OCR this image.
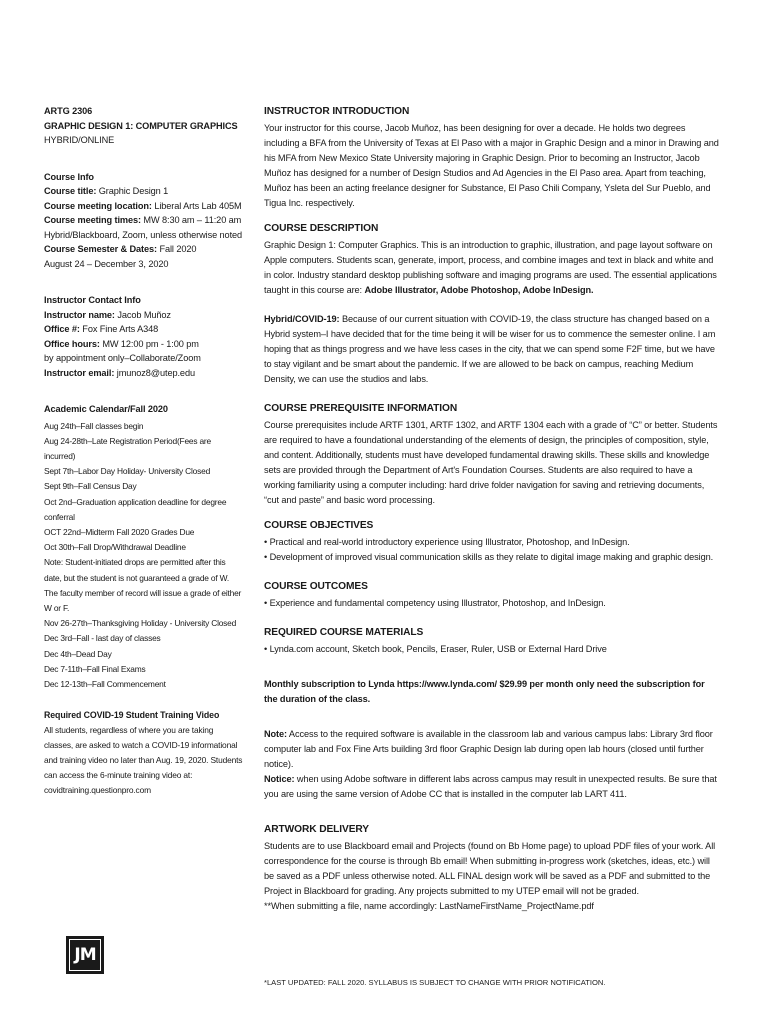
ARTG 2306
GRAPHIC DESIGN 1: COMPUTER GRAPHICS
HYBRID/ONLINE
Course Info
Course title: Graphic Design 1
Course meeting location: Liberal Arts Lab 405M
Course meeting times: MW 8:30 am – 11:20 am
Hybrid/Blackboard, Zoom, unless otherwise noted
Course Semester & Dates: Fall 2020
August 24 – December 3, 2020
Instructor Contact Info
Instructor name: Jacob Muñoz
Office #: Fox Fine Arts A348
Office hours: MW 12:00 pm - 1:00 pm
by appointment only–Collaborate/Zoom
Instructor email: jmunoz8@utep.edu
Academic Calendar/Fall 2020
Aug 24th–Fall classes begin
Aug 24-28th–Late Registration Period(Fees are incurred)
Sept 7th–Labor Day Holiday- University Closed
Sept 9th–Fall Census Day
Oct 2nd–Graduation application deadline for degree conferral
OCT 22nd–Midterm Fall 2020 Grades Due
Oct 30th–Fall Drop/Withdrawal Deadline
Note: Student-initiated drops are permitted after this date, but the student is not guaranteed a grade of W. The faculty member of record will issue a grade of either W or F.
Nov 26-27th–Thanksgiving Holiday - University Closed
Dec 3rd–Fall - last day of classes
Dec 4th–Dead Day
Dec 7-11th–Fall Final Exams
Dec 12-13th–Fall Commencement
Required COVID-19 Student Training Video
All students, regardless of where you are taking classes, are asked to watch a COVID-19 informational and training video no later than Aug. 19, 2020. Students can access the 6-minute training video at:
covidtraining.questionpro.com
INSTRUCTOR INTRODUCTION
Your instructor for this course, Jacob Muñoz, has been designing for over a decade. He holds two degrees including a BFA from the University of Texas at El Paso with a major in Graphic Design and a minor in Drawing and his MFA from New Mexico State University majoring in Graphic Design. Prior to becoming an Instructor, Jacob Muñoz has designed for a number of Design Studios and Ad Agencies in the El Paso area. Apart from teaching, Muñoz has been an acting freelance designer for Substance, El Paso Chili Company, Ysleta del Sur Pueblo, and Tigua Inc. respectively.
COURSE DESCRIPTION
Graphic Design 1: Computer Graphics. This is an introduction to graphic, illustration, and page layout software on Apple computers. Students scan, generate, import, process, and combine images and text in black and white and in color. Industry standard desktop publishing software and imaging programs are used. The essential applications taught in this course are: Adobe Illustrator, Adobe Photoshop, Adobe InDesign.
Hybrid/COVID-19: Because of our current situation with COVID-19, the class structure has changed based on a Hybrid system–I have decided that for the time being it will be wiser for us to commence the semester online. I am hoping that as things progress and we have less cases in the city, that we can spend some F2F time, but we have to stay vigilant and be smart about the pandemic. If we are allowed to be back on campus, reaching Medium Density, we can use the studios and labs.
COURSE PREREQUISITE INFORMATION
Course prerequisites include ARTF 1301, ARTF 1302, and ARTF 1304 each with a grade of “C” or better. Students are required to have a foundational understanding of the elements of design, the principles of composition, style, and content. Additionally, students must have developed fundamental drawing skills. These skills and knowledge sets are provided through the Department of Art's Foundation Courses. Students are also required to have a working familiarity using a computer including: hard drive folder navigation for saving and retrieving documents, “cut and paste” and basic word processing.
COURSE OBJECTIVES
• Practical and real-world introductory experience using Illustrator, Photoshop, and InDesign.
• Development of improved visual communication skills as they relate to digital image making and graphic design.
COURSE OUTCOMES
• Experience and fundamental competency using Illustrator, Photoshop, and InDesign.
REQUIRED COURSE MATERIALS
• Lynda.com account, Sketch book, Pencils, Eraser, Ruler, USB or External Hard Drive
Monthly subscription to Lynda https://www.lynda.com/ $29.99 per month only need the subscription for the duration of the class.
Note: Access to the required software is available in the classroom lab and various campus labs: Library 3rd floor computer lab and Fox Fine Arts building 3rd floor Graphic Design lab during open lab hours (closed until further notice).
Notice: when using Adobe software in different labs across campus may result in unexpected results. Be sure that you are using the same version of Adobe CC that is installed in the computer lab LART 411.
ARTWORK DELIVERY
Students are to use Blackboard email and Projects (found on Bb Home page) to upload PDF files of your work. All correspondence for the course is through Bb email! When submitting in-progress work (sketches, ideas, etc.) will be saved as a PDF unless otherwise noted. ALL FINAL design work will be saved as a PDF and submitted to the Project in Blackboard for grading. Any projects submitted to my UTEP email will not be graded.
**When submitting a file, name accordingly: LastNameFirstName_ProjectName.pdf
JM
*LAST UPDATED: FALL 2020. SYLLABUS IS SUBJECT TO CHANGE WITH PRIOR NOTIFICATION.
